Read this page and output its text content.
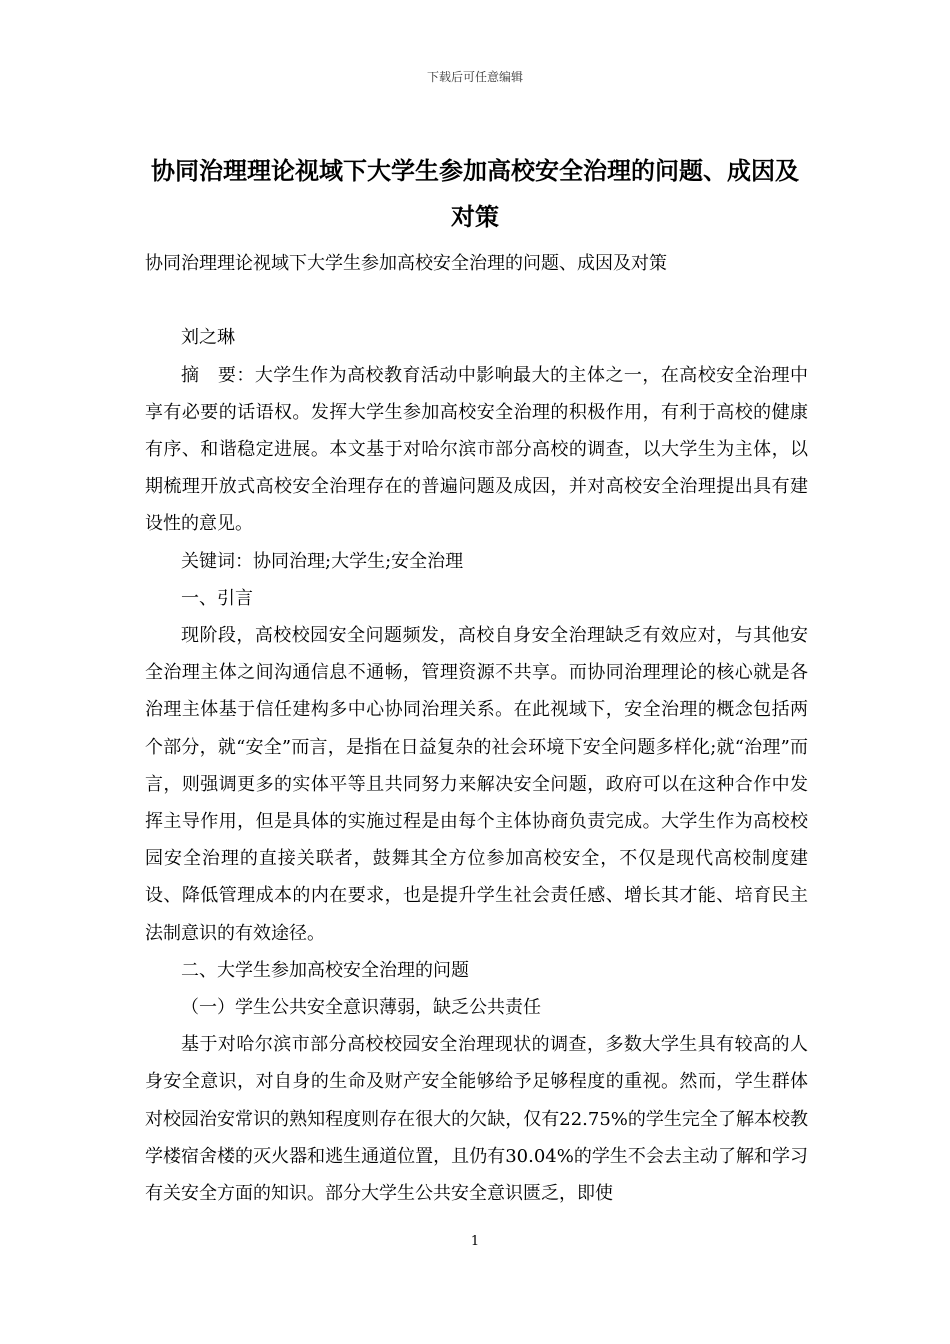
下载后可任意编辑
协同治理理论视域下大学生参加高校安全治理的问题、成因及对策

协同治理理论视域下大学生参加高校安全治理的问题、成因及对策

刘之琳

摘　要：大学生作为高校教育活动中影响最大的主体之一，在高校安全治理中享有必要的话语权。发挥大学生参加高校安全治理的积极作用，有利于高校的健康有序、和谐稳定进展。本文基于对哈尔滨市部分高校的调查，以大学生为主体，以期梳理开放式高校安全治理存在的普遍问题及成因，并对高校安全治理提出具有建设性的意见。

关键词：协同治理;大学生;安全治理

一、引言

现阶段，高校校园安全问题频发，高校自身安全治理缺乏有效应对，与其他安全治理主体之间沟通信息不通畅，管理资源不共享。而协同治理理论的核心就是各治理主体基于信任建构多中心协同治理关系。在此视域下，安全治理的概念包括两个部分，就“安全”而言，是指在日益复杂的社会环境下安全问题多样化;就“治理”而言，则强调更多的实体平等且共同努力来解决安全问题，政府可以在这种合作中发挥主导作用，但是具体的实施过程是由每个主体协商负责完成。大学生作为高校校园安全治理的直接关联者，鼓舞其全方位参加高校安全，不仅是现代高校制度建设、降低管理成本的内在要求，也是提升学生社会责任感、增长其才能、培育民主法制意识的有效途径。

二、大学生参加高校安全治理的问题

（一）学生公共安全意识薄弱，缺乏公共责任

基于对哈尔滨市部分高校校园安全治理现状的调查，多数大学生具有较高的人身安全意识，对自身的生命及财产安全能够给予足够程度的重视。然而，学生群体对校园治安常识的熟知程度则存在很大的欠缺，仅有22.75%的学生完全了解本校教学楼宿舍楼的灭火器和逃生通道位置，且仍有30.04%的学生不会去主动了解和学习有关安全方面的知识。部分大学生公共安全意识匮乏，即使

1
